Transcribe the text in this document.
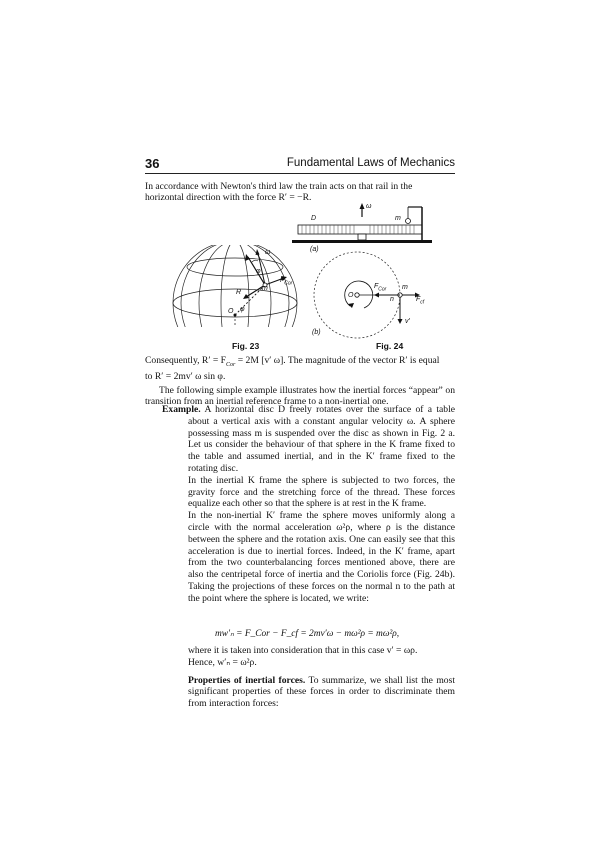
36	Fundamental Laws of Mechanics

In accordance with Newton's third law the train acts on that rail in the

horizontal direction with the force R′ = −R.

ω
D	m
(a)
ω
φ
$F_{Cor}$
m
R
O φ
O
$F_{Cor}$ m
n	$F_{cf}$
v′
(b)
Fig. 23	Fig. 24

Consequently, $R' = F_{Cor} = 2M$ [v′ ω]. The magnitude of the vector R′ is equal

to R′ = 2mv′ ω sin φ.

The following simple example illustrates how the inertial forces “appear” on transition from an inertial reference frame to a non-inertial one.

Example. A horizontal disc D freely rotates over the surface of a table about a vertical axis with a constant angular velocity ω. A sphere possessing mass m is suspended over the disc as shown in Fig. 2 a. Let us consider the behaviour of that sphere in the K frame fixed to the table and assumed inertial, and in the K′ frame fixed to the rotating disc.

In the inertial K frame the sphere is subjected to two forces, the gravity force and the stretching force of the thread. These forces equalize each other so that the sphere is at rest in the K frame.

In the non-inertial K′ frame the sphere moves uniformly along a circle with the normal acceleration ω²ρ, where ρ is the distance between the sphere and the rotation axis. One can easily see that this acceleration is due to inertial forces. Indeed, in the K′ frame, apart from the two counterbalancing forces mentioned above, there are also the centripetal force of inertia and the Coriolis force (Fig. 24b). Taking the projections of these forces on the normal n to the path at the point where the sphere is located, we write:

mw′ₙ = F_Cor − F_cf = 2mv′ω − mω²ρ = mω²ρ,

where it is taken into consideration that in this case v′ = ωρ.

Hence, w′ₙ = ω²ρ.

Properties of inertial forces. To summarize, we shall list the most significant properties of these forces in order to discriminate them from interaction forces:
